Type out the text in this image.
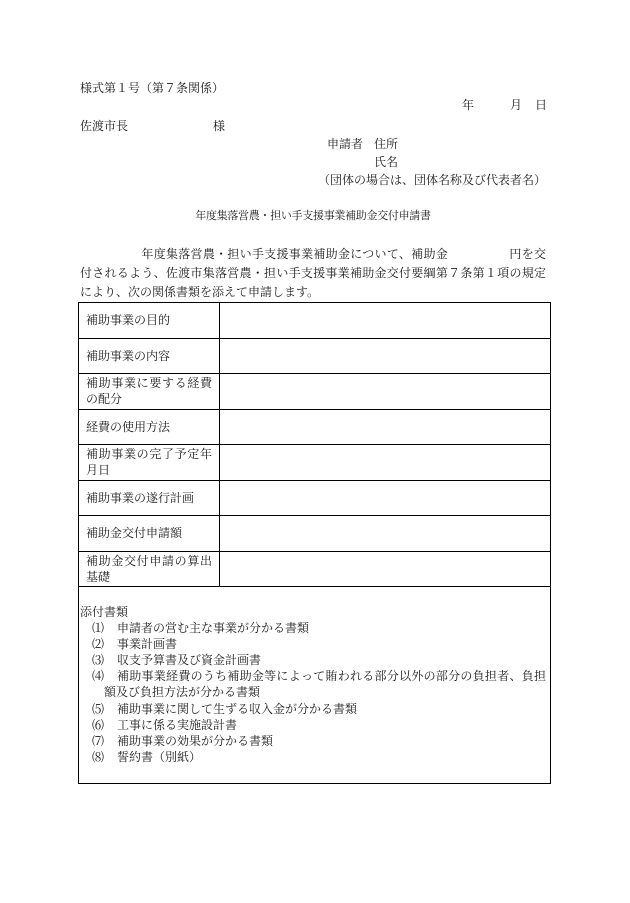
様式第１号（第７条関係）
年	月 日
佐渡市長	様
申請者 住所
氏名
（団体の場合は、団体名称及び代表者名）
年度集落営農・担い手支援事業補助金交付申請書
　　　　　年度集落営農・担い手支援事業補助金について、補助金　　　　　円を交付されるよう、佐渡市集落営農・担い手支援事業補助金交付要綱第７条第１項の規定により、次の関係書類を添えて申請します。
補助事業の目的
補助事業の内容
補助事業に要する経費の配分
経費の使用方法
補助事業の完了予定年月日
補助事業の遂行計画
補助金交付申請額
補助金交付申請の算出基礎
添付書類
⑴	申請者の営む主な事業が分かる書類
⑵	事業計画書
⑶	収支予算書及び資金計画書
⑷	補助事業経費のうち補助金等によって賄われる部分以外の部分の負担者、負担額及び負担方法が分かる書類
⑸	補助事業に関して生ずる収入金が分かる書類
⑹	工事に係る実施設計書
⑺	補助事業の効果が分かる書類
⑻	誓約書（別紙）
